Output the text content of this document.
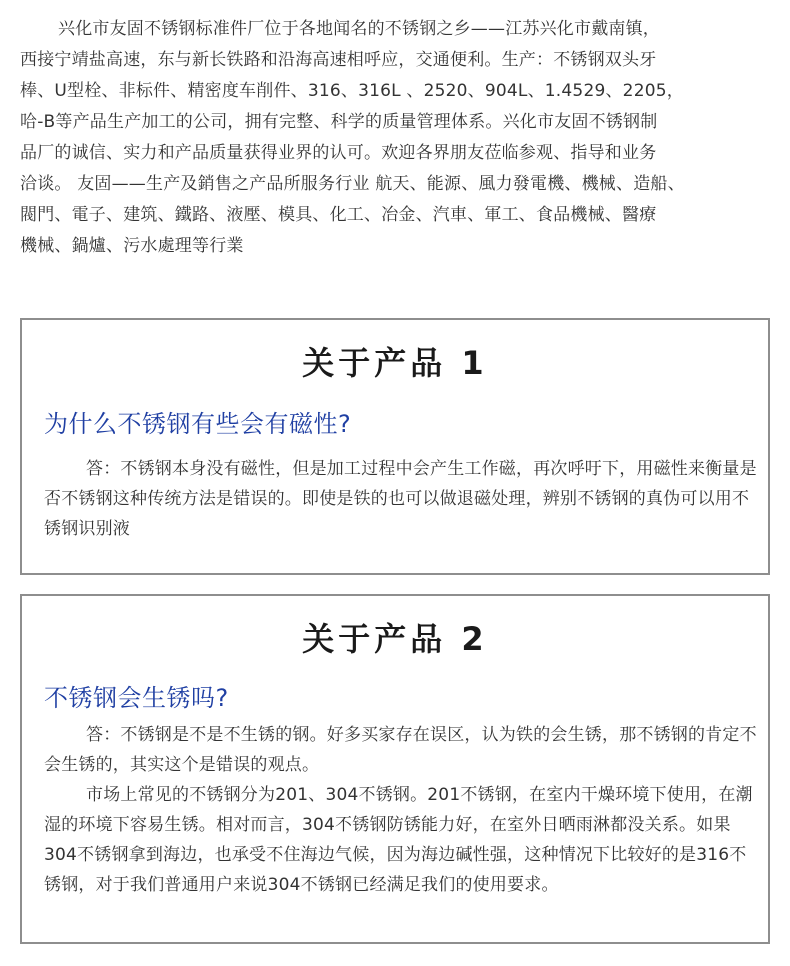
兴化市友固不锈钢标准件厂位于各地闻名的不锈钢之乡——江苏兴化市戴南镇，
西接宁靖盐高速，东与新长铁路和沿海高速相呼应，交通便利。生产：不锈钢双头牙
棒、U型栓、非标件、精密度车削件、316、316L 、2520、904L、1.4529、2205，
哈-B等产品生产加工的公司，拥有完整、科学的质量管理体系。兴化市友固不锈钢制
品厂的诚信、实力和产品质量获得业界的认可。欢迎各界朋友莅临参观、指导和业务
洽谈。 友固——生产及銷售之产品所服务行业 航天、能源、風力發電機、機械、造船、
閥門、電子、建筑、鐵路、液壓、模具、化工、冶金、汽車、軍工、食品機械、醫療
機械、鍋爐、污水處理等行業
关于产品 1
为什么不锈钢有些会有磁性?
答：不锈钢本身没有磁性，但是加工过程中会产生工作磁，再次呼吁下，用磁性来衡量是否不锈钢这种传统方法是错误的。即使是铁的也可以做退磁处理，辨别不锈钢的真伪可以用不锈钢识别液
关于产品 2
不锈钢会生锈吗?
答：不锈钢是不是不生锈的钢。好多买家存在误区，认为铁的会生锈，那不锈钢的肯定不会生锈的，其实这个是错误的观点。
市场上常见的不锈钢分为201、304不锈钢。201不锈钢，在室内干燥环境下使用，在潮湿的环境下容易生锈。相对而言，304不锈钢防锈能力好，在室外日晒雨淋都没关系。如果304不锈钢拿到海边，也承受不住海边气候，因为海边碱性强，这种情况下比较好的是316不锈钢，对于我们普通用户来说304不锈钢已经满足我们的使用要求。
